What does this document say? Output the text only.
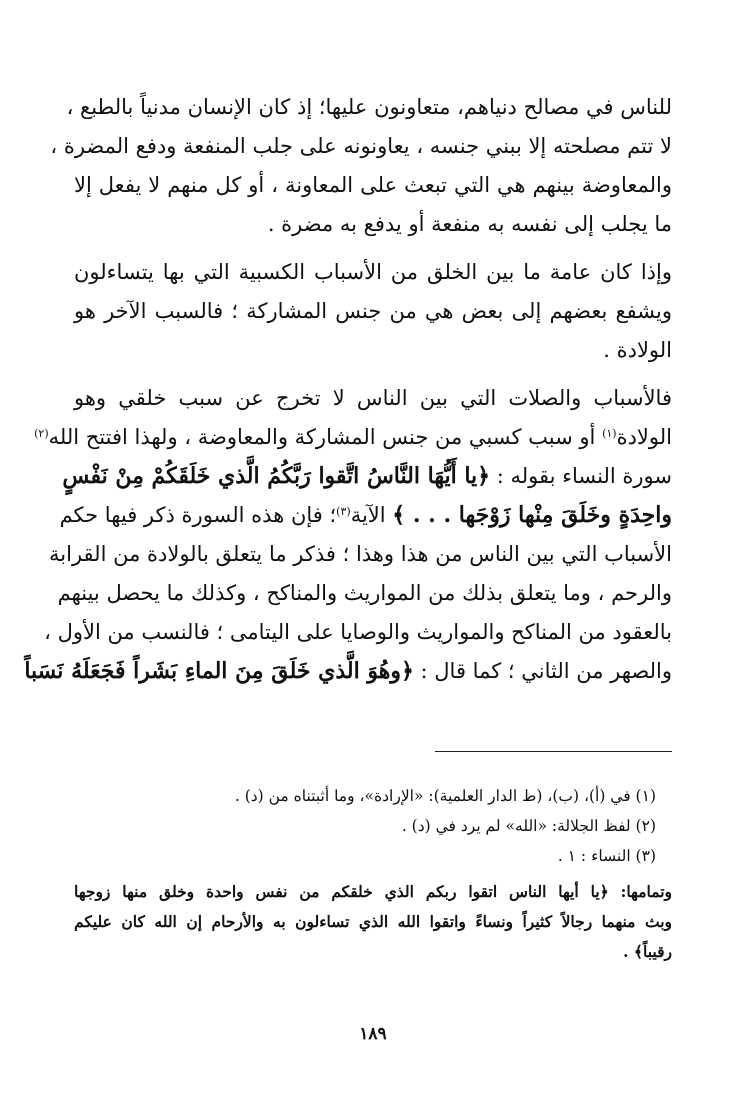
للناس في مصالح دنياهم، متعاونون عليها؛ إذ كان الإنسان مدنياً بالطبع ،
لا تتم مصلحته إلا ببني جنسه ، يعاونونه على جلب المنفعة ودفع المضرة ،
والمعاوضة بينهم هي التي تبعث على المعاونة ، أو كل منهم لا يفعل إلا
ما يجلب إلى نفسه به منفعة أو يدفع به مضرة .
وإذا كان عامة ما بين الخلق من الأسباب الكسبية التي بها يتساءلون
ويشفع بعضهم إلى بعض هي من جنس المشاركة ؛ فالسبب الآخر هو
الولادة .
فالأسباب والصلات التي بين الناس لا تخرج عن سبب خلقي وهو
الولادة$^{(١)}$ أو سبب كسبي من جنس المشاركة والمعاوضة ، ولهذا افتتح الله$^{(٢)}$
سورة النساء بقوله : ﴿يا أَيُّهَا النَّاسُ اتَّقوا رَبَّكُمُ الَّذي خَلَقَكُمْ مِنْ نَفْسٍ
واحِدَةٍ وخَلَقَ مِنْها زَوْجَها . . . ﴾ الآية$^{(٣)}$؛ فإن هذه السورة ذكر فيها حكم
الأسباب التي بين الناس من هذا وهذا ؛ فذكر ما يتعلق بالولادة من القرابة
والرحم ، وما يتعلق بذلك من المواريث والمناكح ، وكذلك ما يحصل بينهم
بالعقود من المناكح والمواريث والوصايا على اليتامى ؛ فالنسب من الأول ،
والصهر من الثاني ؛ كما قال : ﴿وهُوَ الَّذي خَلَقَ مِنَ الماءِ بَشَراً فَجَعَلَهُ نَسَباً
(١) في (أ)، (ب)، (ط الدار العلمية): «الإرادة»، وما أثبتناه من (د) .
(٢) لفظ الجلالة: «الله» لم يرد في (د) .
(٣) النساء : ١ .
وتمامها: ﴿يا أيها الناس اتقوا ربكم الذي خلقكم من نفس واحدة وخلق منها زوجها
وبث منهما رجالاً كثيراً ونساءً واتقوا الله الذي تساءلون به والأرحام إن الله كان عليكم
رقيباً﴾ .
١٨٩
